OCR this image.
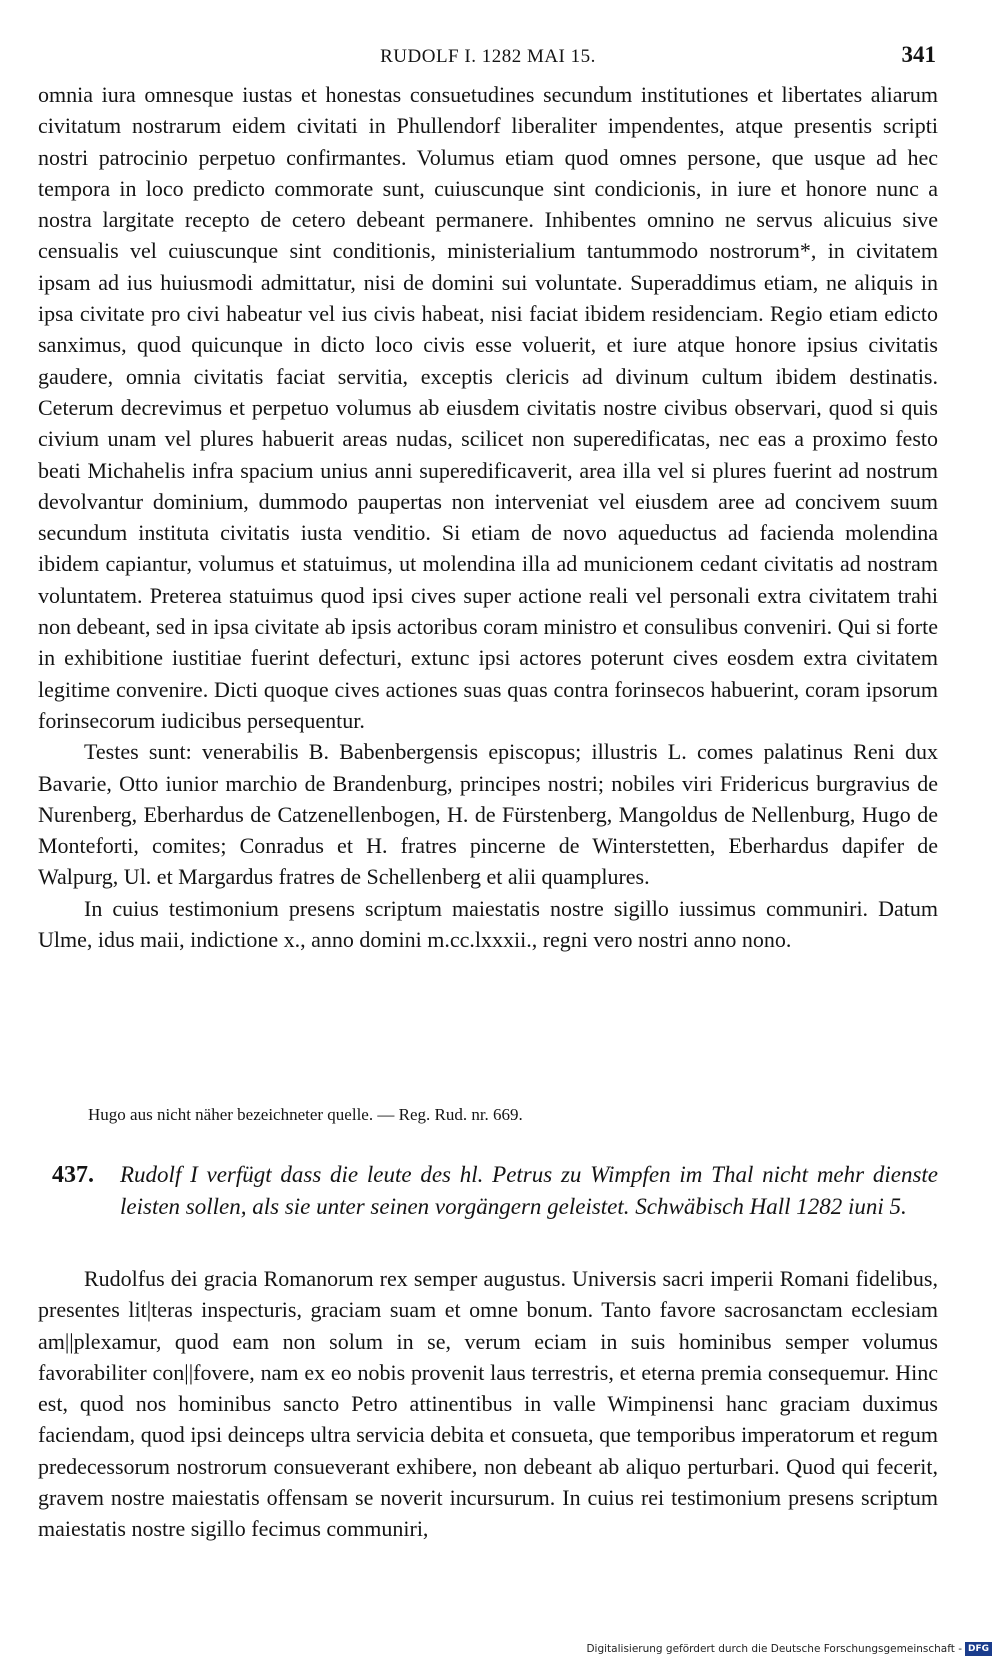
RUDOLF I. 1282 MAI 15.	341

omnia iura omnesque iustas et honestas consuetudines secundum institutiones et libertates aliarum civitatum nostrarum eidem civitati in Phullendorf liberaliter impendentes, atque presentis scripti nostri patrocinio perpetuo confirmantes. Volumus etiam quod omnes persone, que usque ad hec tempora in loco predicto commorate sunt, cuiuscunque sint condicionis, in iure et honore nunc a nostra largitate recepto de cetero debeant permanere. Inhibentes omnino ne servus alicuius sive censualis vel cuiuscunque sint conditionis, ministerialium tantummodo nostrorum*, in civitatem ipsam ad ius huiusmodi admittatur, nisi de domini sui voluntate. Superaddimus etiam, ne aliquis in ipsa civitate pro civi habeatur vel ius civis habeat, nisi faciat ibidem residenciam. Regio etiam edicto sanximus, quod quicunque in dicto loco civis esse voluerit, et iure atque honore ipsius civitatis gaudere, omnia civitatis faciat servitia, exceptis clericis ad divinum cultum ibidem destinatis. Ceterum decrevimus et perpetuo volumus ab eiusdem civitatis nostre civibus observari, quod si quis civium unam vel plures habuerit areas nudas, scilicet non superedificatas, nec eas a proximo festo beati Michahelis infra spacium unius anni superedificaverit, area illa vel si plures fuerint ad nostrum devolvantur dominium, dummodo paupertas non interveniat vel eiusdem aree ad concivem suum secundum instituta civitatis iusta venditio. Si etiam de novo aqueductus ad facienda molendina ibidem capiantur, volumus et statuimus, ut molendina illa ad municionem cedant civitatis ad nostram voluntatem. Preterea statuimus quod ipsi cives super actione reali vel personali extra civitatem trahi non debeant, sed in ipsa civitate ab ipsis actoribus coram ministro et consulibus conveniri. Qui si forte in exhibitione iustitiae fuerint defecturi, extunc ipsi actores poterunt cives eosdem extra civitatem legitime convenire. Dicti quoque cives actiones suas quas contra forinsecos habuerint, coram ipsorum forinsecorum iudicibus persequentur.

Testes sunt: venerabilis B. Babenbergensis episcopus; illustris L. comes palatinus Reni dux Bavarie, Otto iunior marchio de Brandenburg, principes nostri; nobiles viri Fridericus burgravius de Nurenberg, Eberhardus de Catzenellenbogen, H. de Fürstenberg, Mangoldus de Nellenburg, Hugo de Monteforti, comites; Conradus et H. fratres pincerne de Winterstetten, Eberhardus dapifer de Walpurg, Ul. et Margardus fratres de Schellenberg et alii quamplures.

In cuius testimonium presens scriptum maiestatis nostre sigillo iussimus communiri. Datum Ulme, idus maii, indictione x., anno domini m.cc.lxxxii., regni vero nostri anno nono.

Hugo aus nicht näher bezeichneter quelle. — Reg. Rud. nr. 669.
437.	Rudolf I verfügt dass die leute des hl. Petrus zu Wimpfen im Thal nicht mehr dienste leisten sollen, als sie unter seinen vorgängern geleistet. Schwäbisch Hall 1282 iuni 5.

Rudolfus dei gracia Romanorum rex semper augustus. Universis sacri imperii Romani fidelibus, presentes lit|teras inspecturis, graciam suam et omne bonum. Tanto favore sacrosanctam ecclesiam am||plexamur, quod eam non solum in se, verum eciam in suis hominibus semper volumus favorabiliter con||fovere, nam ex eo nobis provenit laus terrestris, et eterna premia consequemur. Hinc est, quod nos hominibus sancto Petro attinentibus in valle Wimpinensi hanc graciam duximus faciendam, quod ipsi deinceps ultra servicia debita et consueta, que temporibus imperatorum et regum predecessorum nostrorum consueverant exhibere, non debeant ab aliquo perturbari. Quod qui fecerit, gravem nostre maiestatis offensam se noverit incursurum. In cuius rei testimonium presens scriptum maiestatis nostre sigillo fecimus communiri,

Digitalisierung gefördert durch die Deutsche Forschungsgemeinschaft - DFG
